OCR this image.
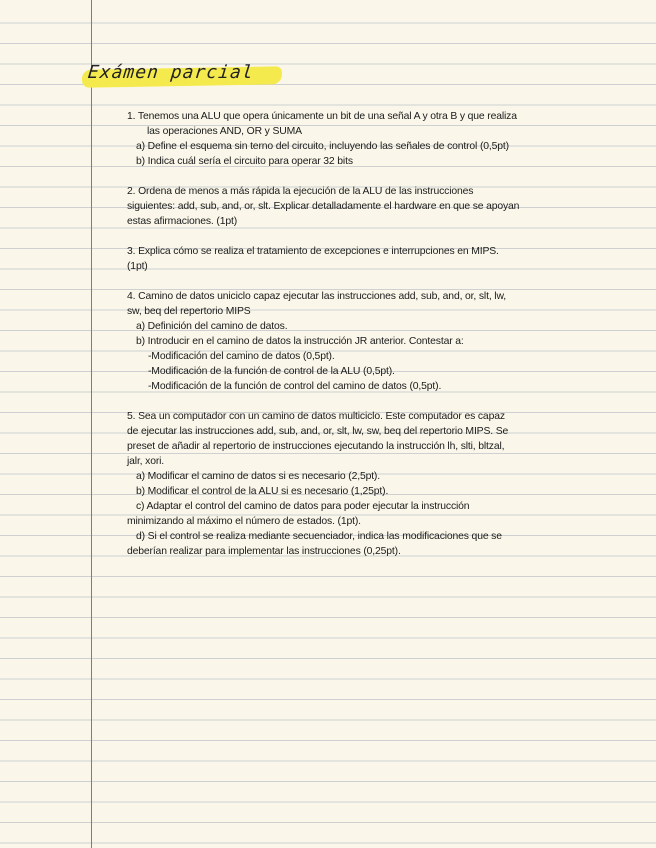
Exámen parcial
1. Tenemos una ALU que opera únicamente un bit de una señal A y otra B y que realiza
las operaciones AND, OR y SUMA
a) Define el esquema sin terno del circuito, incluyendo las señales de control (0,5pt)
b) Indica cuál sería el circuito para operar 32 bits
2. Ordena de menos a más rápida la ejecución de la ALU de las instrucciones
siguientes: add, sub, and, or, slt. Explicar detalladamente el hardware en que se apoyan
estas afirmaciones. (1pt)
3. Explica cómo se realiza el tratamiento de excepciones e interrupciones en MIPS.
(1pt)
4. Camino de datos uniciclo capaz ejecutar las instrucciones add, sub, and, or, slt, lw,
sw, beq del repertorio MIPS
a) Definición del camino de datos.
b) Introducir en el camino de datos la instrucción JR anterior. Contestar a:
-Modificación del camino de datos (0,5pt).
-Modificación de la función de control de la ALU (0,5pt).
-Modificación de la función de control del camino de datos (0,5pt).
5. Sea un computador con un camino de datos multiciclo. Este computador es capaz
de ejecutar las instrucciones add, sub, and, or, slt, lw, sw, beq del repertorio MIPS. Se
preset de añadir al repertorio de instrucciones ejecutando la instrucción lh, slti, bltzal,
jalr, xori.
a) Modificar el camino de datos si es necesario (2,5pt).
b) Modificar el control de la ALU si es necesario (1,25pt).
c) Adaptar el control del camino de datos para poder ejecutar la instrucción
minimizando al máximo el número de estados. (1pt).
d) Si el control se realiza mediante secuenciador, indica las modificaciones que se
deberían realizar para implementar las instrucciones (0,25pt).
